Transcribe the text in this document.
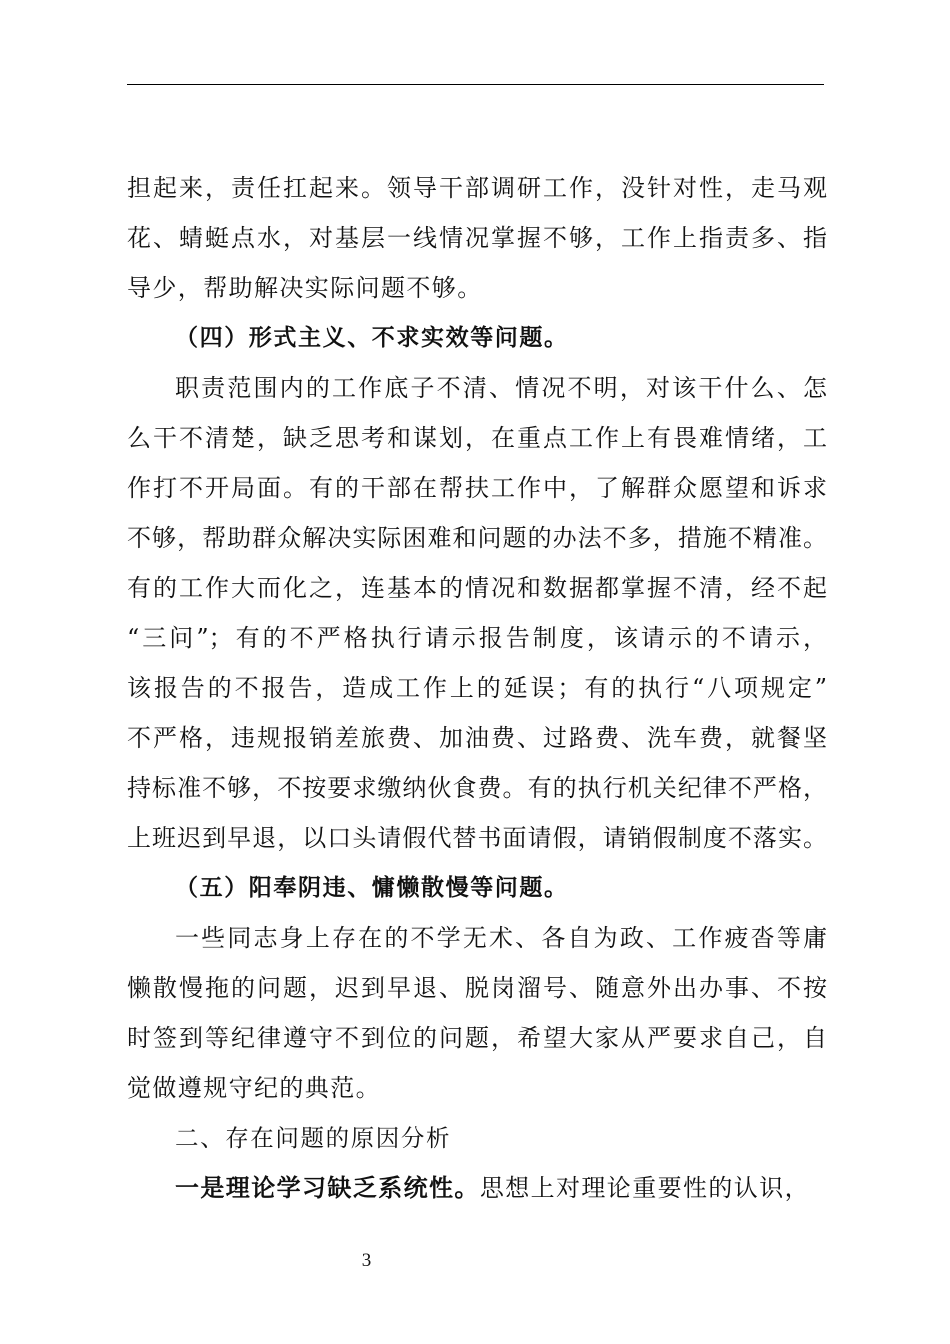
担起来，责任扛起来。领导干部调研工作，没针对性，走马观
花、蜻蜓点水，对基层一线情况掌握不够，工作上指责多、指
导少，帮助解决实际问题不够。
（四）形式主义、不求实效等问题。
职责范围内的工作底子不清、情况不明，对该干什么、怎
么干不清楚，缺乏思考和谋划，在重点工作上有畏难情绪，工
作打不开局面。有的干部在帮扶工作中，了解群众愿望和诉求
不够，帮助群众解决实际困难和问题的办法不多，措施不精准。
有的工作大而化之，连基本的情况和数据都掌握不清，经不起
“三问”；有的不严格执行请示报告制度，该请示的不请示，
该报告的不报告，造成工作上的延误；有的执行“八项规定”
不严格，违规报销差旅费、加油费、过路费、洗车费，就餐坚
持标准不够，不按要求缴纳伙食费。有的执行机关纪律不严格，
上班迟到早退，以口头请假代替书面请假，请销假制度不落实。
（五）阳奉阴违、慵懒散慢等问题。
一些同志身上存在的不学无术、各自为政、工作疲沓等庸
懒散慢拖的问题，迟到早退、脱岗溜号、随意外出办事、不按
时签到等纪律遵守不到位的问题，希望大家从严要求自己，自
觉做遵规守纪的典范。
二、存在问题的原因分析
一是理论学习缺乏系统性。思想上对理论重要性的认识，
3
